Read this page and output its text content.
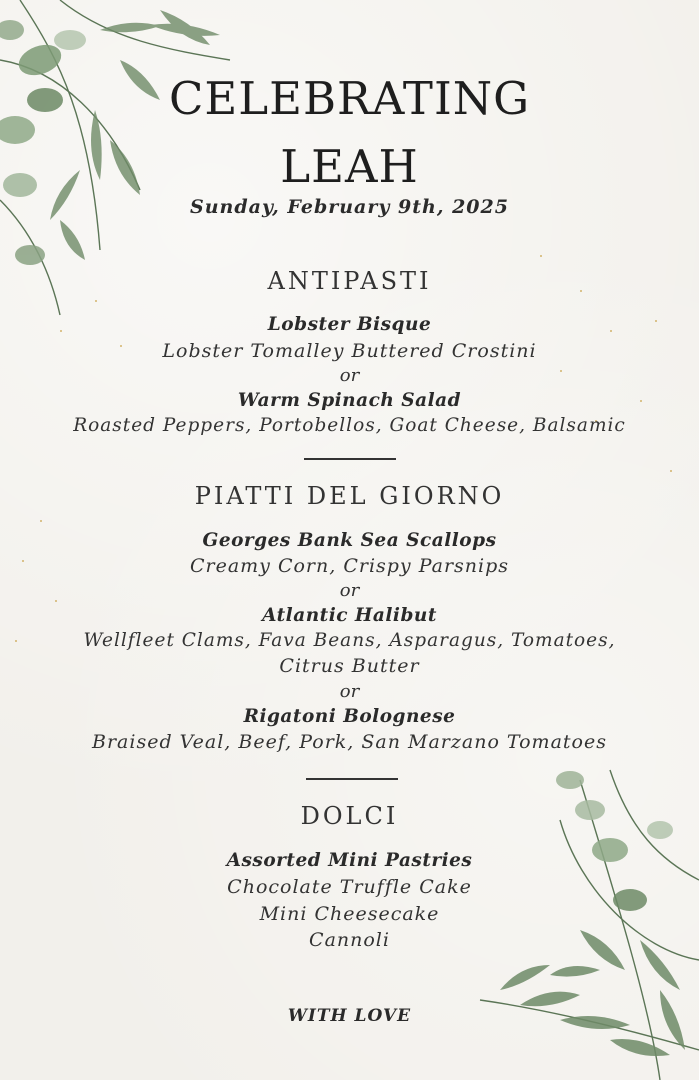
CELEBRATING
LEAH
Sunday, February 9th, 2025
ANTIPASTI
Lobster Bisque
Lobster Tomalley Buttered Crostini
or
Warm Spinach Salad
Roasted Peppers, Portobellos, Goat Cheese, Balsamic
PIATTI DEL GIORNO
Georges Bank Sea Scallops
Creamy Corn, Crispy Parsnips
or
Atlantic Halibut
Wellfleet Clams, Fava Beans, Asparagus, Tomatoes,
Citrus Butter
or
Rigatoni Bolognese
Braised Veal, Beef, Pork, San Marzano Tomatoes
DOLCI
Assorted Mini Pastries
Chocolate Truffle Cake
Mini Cheesecake
Cannoli
WITH LOVE
